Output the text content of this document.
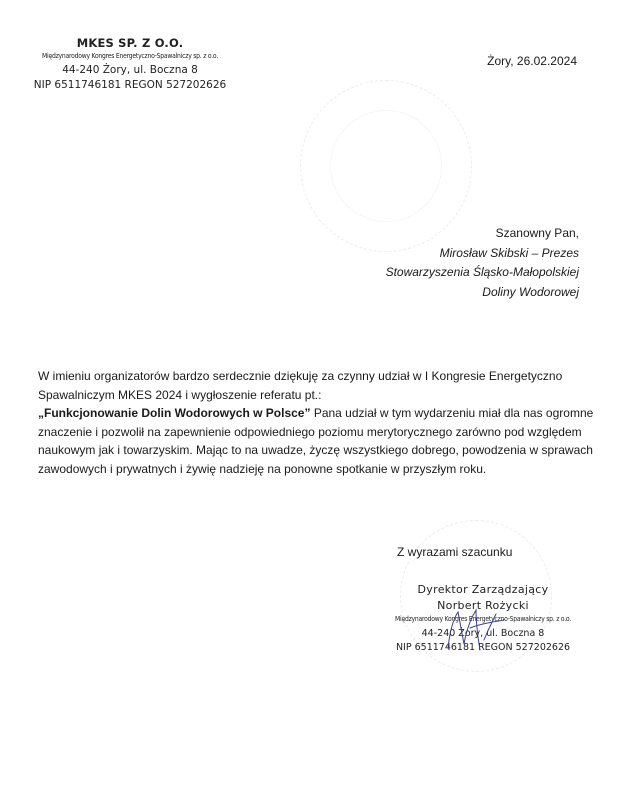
MKES SP. Z O.O.
Międzynarodowy Kongres Energetyczno-Spawalniczy sp. z o.o.
44-240 Żory, ul. Boczna 8
NIP 6511746181 REGON 527202626
Żory, 26.02.2024
Szanowny Pan,
Mirosław Skibski – Prezes
Stowarzyszenia Śląsko-Małopolskiej
Doliny Wodorowej
W imieniu organizatorów bardzo serdecznie dziękuję za czynny udział w I Kongresie Energetyczno Spawalniczym MKES 2024 i wygłoszenie referatu pt.:
„Funkcjonowanie Dolin Wodorowych w Polsce” Pana udział w tym wydarzeniu miał dla nas ogromne znaczenie i pozwolił na zapewnienie odpowiedniego poziomu merytorycznego zarówno pod względem naukowym jak i towarzyskim. Mając to na uwadze, życzę wszystkiego dobrego, powodzenia w sprawach zawodowych i prywatnych i żywię nadzieję na ponowne spotkanie w przyszłym roku.
Z wyrazami szacunku
Dyrektor Zarządzający
Norbert Rożycki
Międzynarodowy Kongres Energetyczno-Spawalniczy sp. z o.o.
44-240 Żory, ul. Boczna 8
NIP 6511746181 REGON 527202626
